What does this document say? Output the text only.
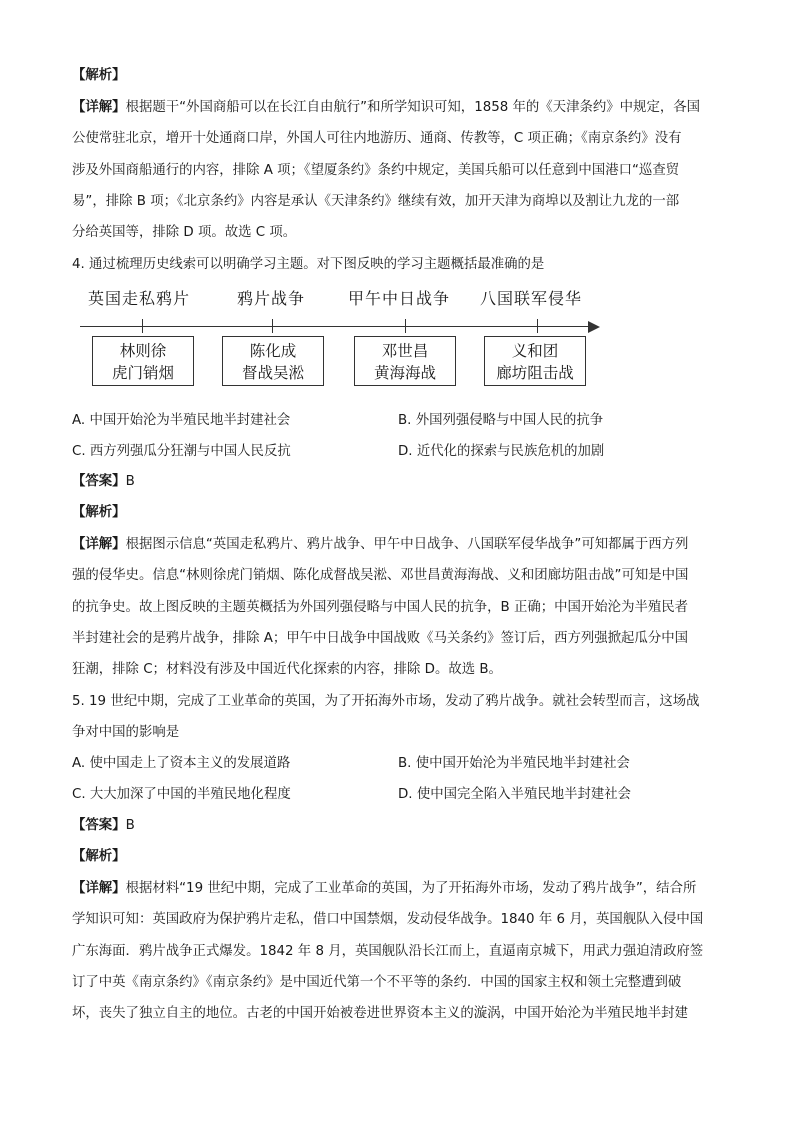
【解析】
【详解】根据题干“外国商船可以在长江自由航行”和所学知识可知，1858 年的《天津条约》中规定，各国
公使常驻北京，增开十处通商口岸，外国人可往内地游历、通商、传教等，C 项正确；《南京条约》没有
涉及外国商船通行的内容，排除 A 项；《望厦条约》条约中规定，美国兵船可以任意到中国港口“巡查贸
易”，排除 B 项；《北京条约》内容是承认《天津条约》继续有效，加开天津为商埠以及割让九龙的一部
分给英国等，排除 D 项。故选 C 项。
4. 通过梳理历史线索可以明确学习主题。对下图反映的学习主题概括最准确的是
英国走私鸦片	鸦片战争	甲午中日战争 八国联军侵华
林则徐
虎门销烟
陈化成
督战吴淞
邓世昌
黄海海战
义和团
廊坊阻击战
A. 中国开始沦为半殖民地半封建社会	B. 外国列强侵略与中国人民的抗争
C. 西方列强瓜分狂潮与中国人民反抗	D. 近代化的探索与民族危机的加剧
【答案】B
【解析】
【详解】根据图示信息“英国走私鸦片、鸦片战争、甲午中日战争、八国联军侵华战争”可知都属于西方列
强的侵华史。信息“林则徐虎门销烟、陈化成督战吴淞、邓世昌黄海海战、义和团廊坊阻击战”可知是中国
的抗争史。故上图反映的主题英概括为外国列强侵略与中国人民的抗争，B 正确；中国开始沦为半殖民者
半封建社会的是鸦片战争，排除 A；甲午中日战争中国战败《马关条约》签订后，西方列强掀起瓜分中国
狂潮，排除 C；材料没有涉及中国近代化探索的内容，排除 D。故选 B。
5. 19 世纪中期，完成了工业革命的英国，为了开拓海外市场，发动了鸦片战争。就社会转型而言，这场战
争对中国的影响是
A. 使中国走上了资本主义的发展道路	B. 使中国开始沦为半殖民地半封建社会
C. 大大加深了中国的半殖民地化程度	D. 使中国完全陷入半殖民地半封建社会
【答案】B
【解析】
【详解】根据材料“19 世纪中期，完成了工业革命的英国，为了开拓海外市场，发动了鸦片战争”，结合所
学知识可知：英国政府为保护鸦片走私，借口中国禁烟，发动侵华战争。1840 年 6 月，英国舰队入侵中国
广东海面．鸦片战争正式爆发。1842 年 8 月，英国舰队沿长江而上，直逼南京城下，用武力强迫清政府签
订了中英《南京条约》《南京条约》是中国近代第一个不平等的条约．中国的国家主权和领土完整遭到破
坏，丧失了独立自主的地位。古老的中国开始被卷进世界资本主义的漩涡，中国开始沦为半殖民地半封建
